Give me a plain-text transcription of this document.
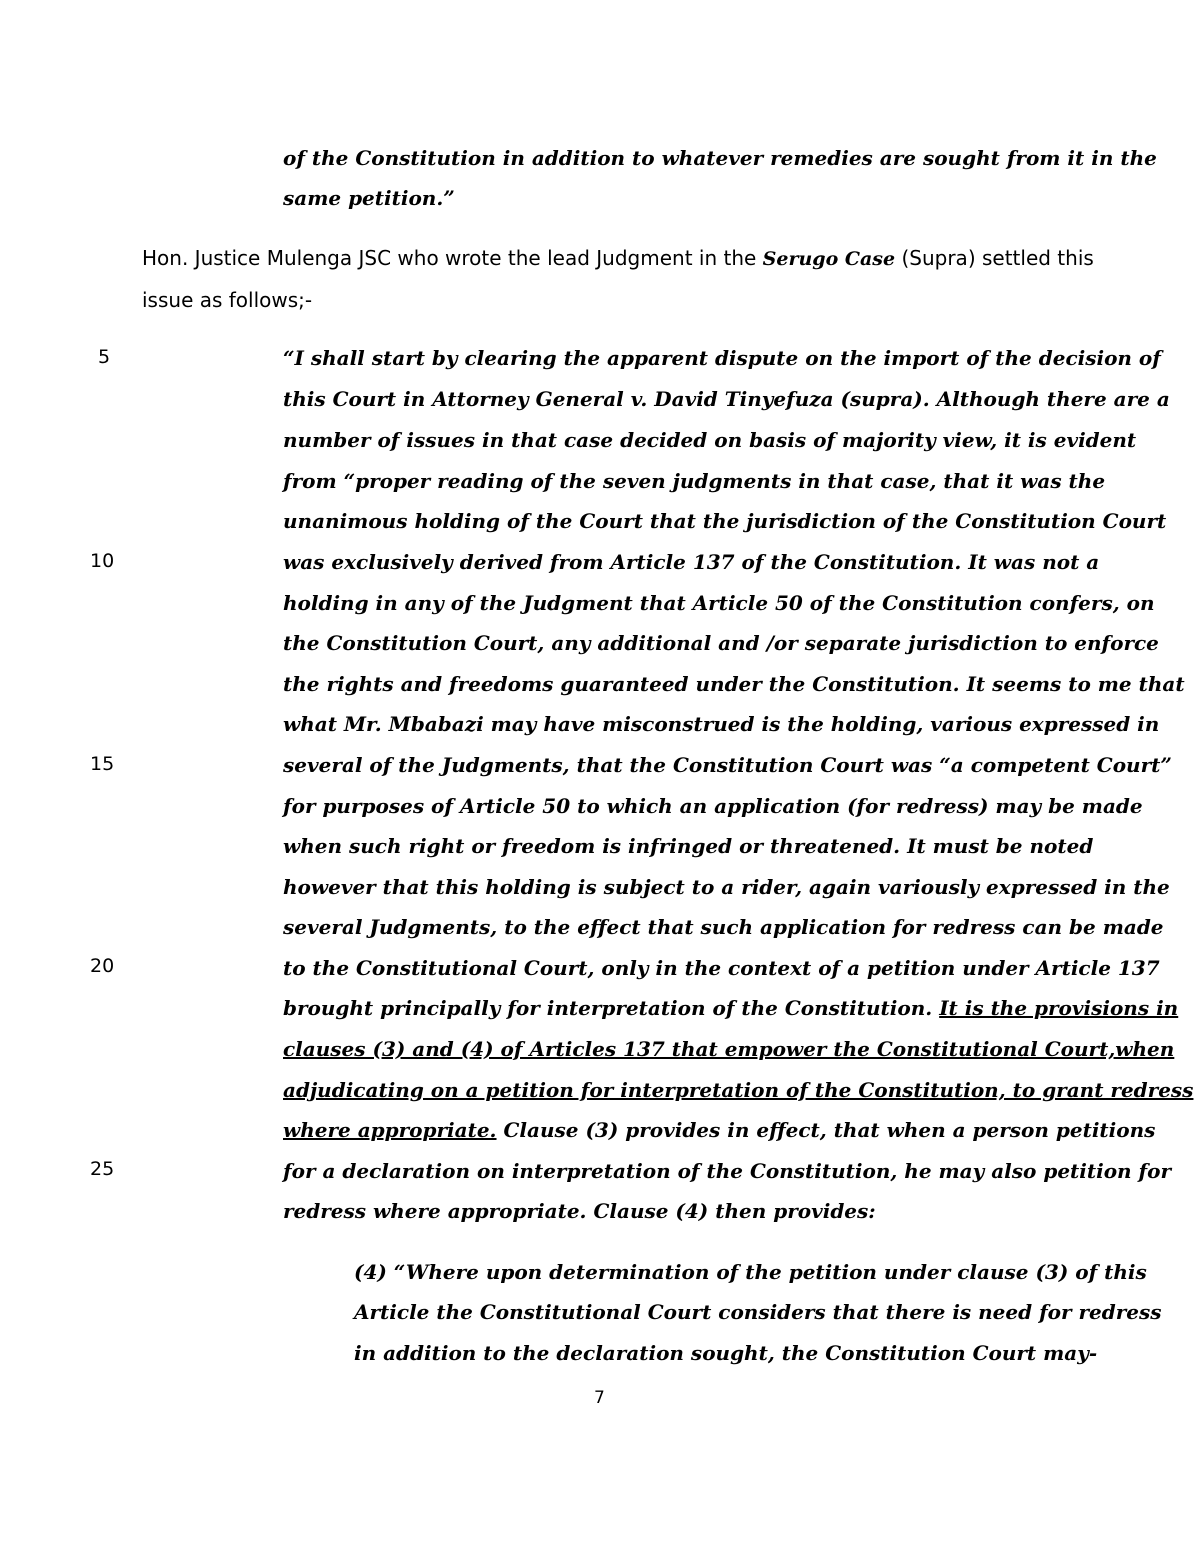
of the Constitution in addition to whatever remedies are sought from it in the
same petition.”
Hon. Justice Mulenga JSC who wrote the lead Judgment in the Serugo Case (Supra) settled this
issue as follows;-
5
10
15
20
25
“I shall start by clearing the apparent dispute on the import of the decision of
this Court in Attorney General v. David Tinyefuza (supra). Although there are a
number of issues in that case decided on basis of majority view, it is evident
from “proper reading of the seven judgments in that case, that it was the
unanimous holding of the Court that the jurisdiction of the Constitution Court
was exclusively derived from Article 137 of the Constitution. It was not a
holding in any of the Judgment that Article 50 of the Constitution confers, on
the Constitution Court, any additional and /or separate jurisdiction to enforce
the rights and freedoms guaranteed under the Constitution. It seems to me that
what Mr. Mbabazi may have misconstrued is the holding, various expressed in
several of the Judgments, that the Constitution Court was “a competent Court”
for purposes of Article 50 to which an application (for redress) may be made
when such right or freedom is infringed or threatened. It must be noted
however that this holding is subject to a rider, again variously expressed in the
several Judgments, to the effect that such application for redress can be made
to the Constitutional Court, only in the context of a petition under Article 137
brought principally for interpretation of the Constitution. It is the provisions in
clauses (3) and (4) of Articles 137 that empower the Constitutional Court,when
adjudicating on a petition for interpretation of the Constitution, to grant redress
where appropriate. Clause (3) provides in effect, that when a person petitions
for a declaration on interpretation of the Constitution, he may also petition for
redress where appropriate. Clause (4) then provides:
(4) “Where upon determination of the petition under clause (3) of this
Article the Constitutional Court considers that there is need for redress
in addition to the declaration sought, the Constitution Court may-
7
